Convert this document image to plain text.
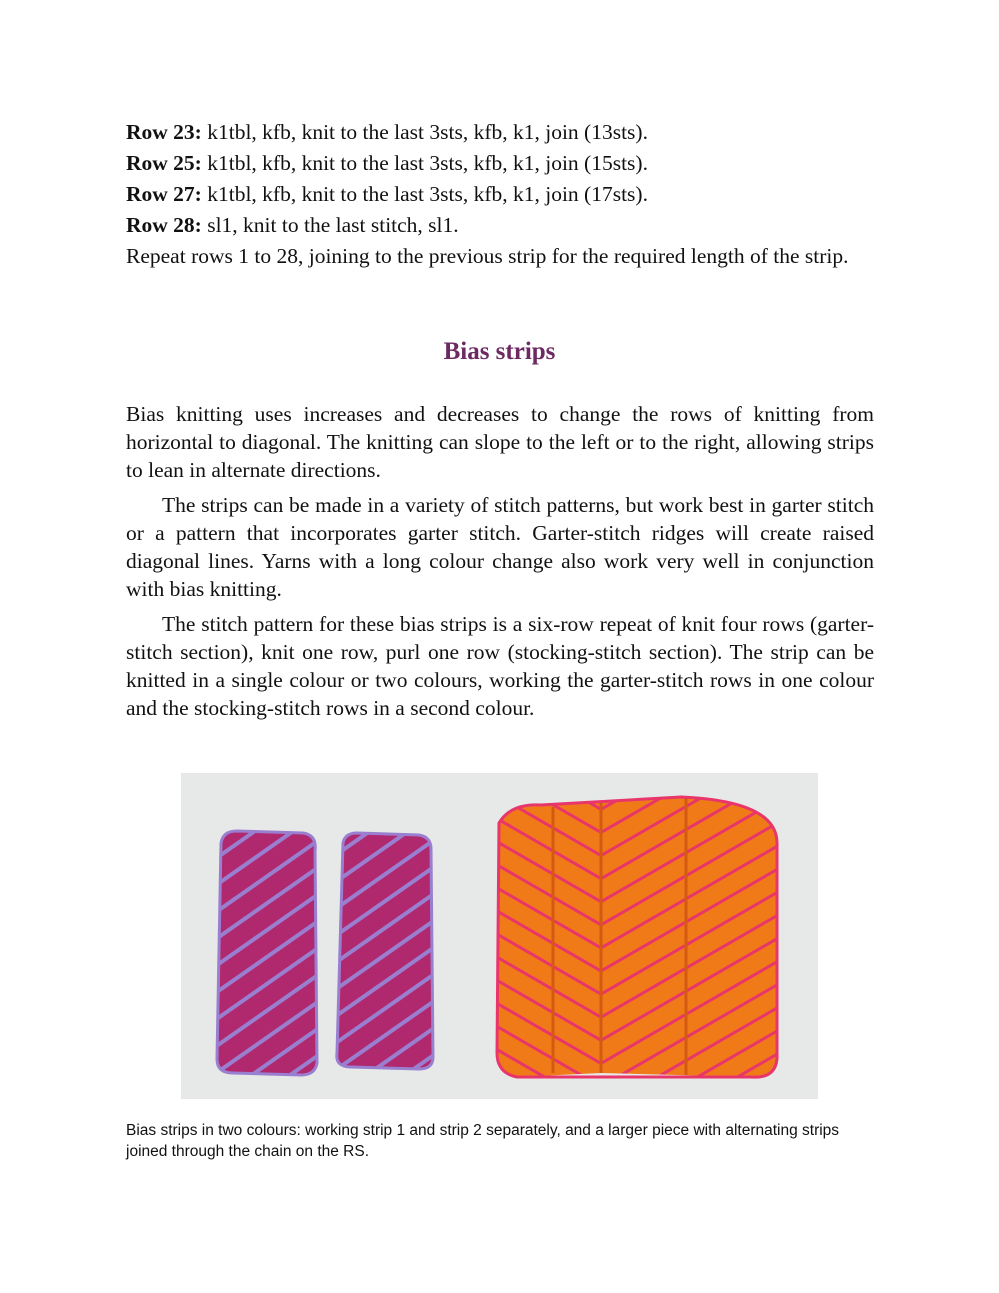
Row 23: k1tbl, kfb, knit to the last 3sts, kfb, k1, join (13sts).

Row 25: k1tbl, kfb, knit to the last 3sts, kfb, k1, join (15sts).

Row 27: k1tbl, kfb, knit to the last 3sts, kfb, k1, join (17sts).

Row 28: sl1, knit to the last stitch, sl1.

Repeat rows 1 to 28, joining to the previous strip for the required length of the strip.

Bias strips

Bias knitting uses increases and decreases to change the rows of knitting from horizontal to diagonal. The knitting can slope to the left or to the right, allowing strips to lean in alternate directions.

The strips can be made in a variety of stitch patterns, but work best in garter stitch or a pattern that incorporates garter stitch. Garter-stitch ridges will create raised diagonal lines. Yarns with a long colour change also work very well in conjunction with bias knitting.

The stitch pattern for these bias strips is a six-row repeat of knit four rows (garter-stitch section), knit one row, purl one row (stocking-stitch section). The strip can be knitted in a single colour or two colours, working the garter-stitch rows in one colour and the stocking-stitch rows in a second colour.

Bias strips in two colours: working strip 1 and strip 2 separately, and a larger piece with alternating strips joined through the chain on the RS.
